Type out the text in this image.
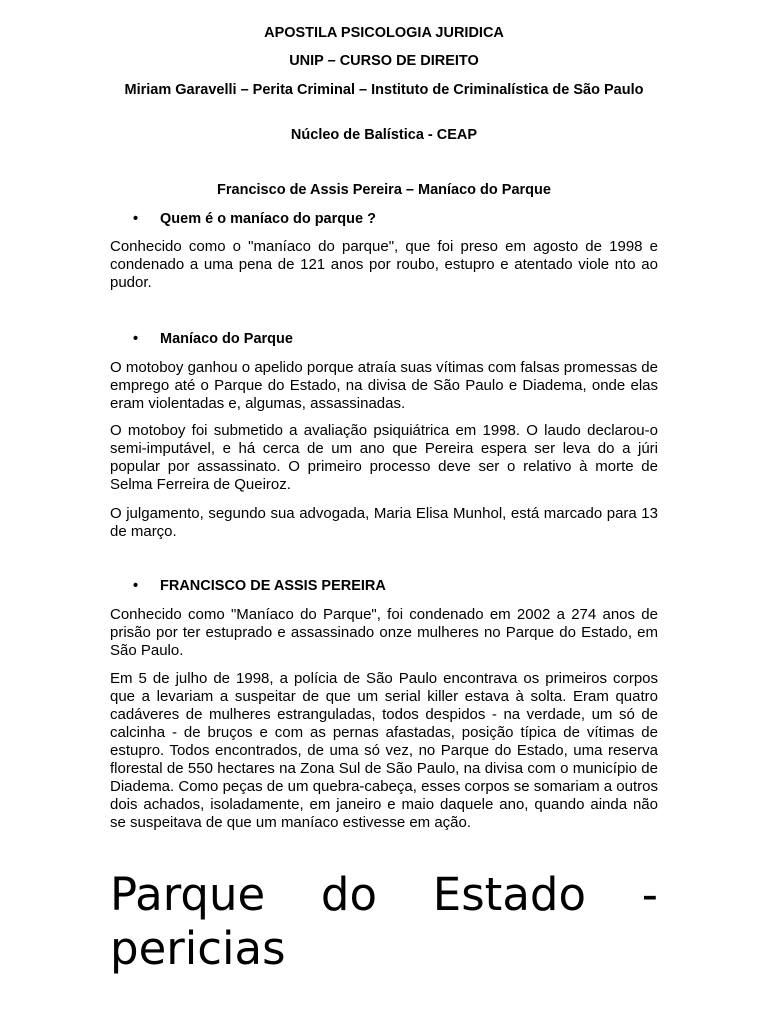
APOSTILA PSICOLOGIA JURIDICA
UNIP – CURSO DE DIREITO
Miriam Garavelli – Perita Criminal – Instituto de Criminalística de São Paulo
Núcleo de Balística - CEAP
Francisco de Assis Pereira – Maníaco do Parque
• Quem é o maníaco do parque ?

Conhecido como o "maníaco do parque", que foi preso em agosto de 1998 e condenado a uma pena de 121 anos por roubo, estupro e atentado viole nto ao pudor.

• Maníaco do Parque

O motoboy ganhou o apelido porque atraía suas vítimas com falsas promessas de emprego até o Parque do Estado, na divisa de São Paulo e Diadema, onde elas eram violentadas e, algumas, assassinadas.

O motoboy foi submetido a avaliação psiquiátrica em 1998. O laudo declarou-o semi-imputável, e há cerca de um ano que Pereira espera ser leva do a júri popular por assassinato. O primeiro processo deve ser o relativo à morte de Selma Ferreira de Queiroz.

O julgamento, segundo sua advogada, Maria Elisa Munhol, está marcado para 13 de março.

• FRANCISCO DE ASSIS PEREIRA

Conhecido como "Maníaco do Parque", foi condenado em 2002 a 274 anos de prisão por ter estuprado e assassinado onze mulheres no Parque do Estado, em São Paulo.

Em 5 de julho de 1998, a polícia de São Paulo encontrava os primeiros corpos que a levariam a suspeitar de que um serial killer estava à solta. Eram quatro cadáveres de mulheres estranguladas, todos despidos - na verdade, um só de calcinha - de bruços e com as pernas afastadas, posição típica de vítimas de estupro. Todos encontrados, de uma só vez, no Parque do Estado, uma reserva florestal de 550 hectares na Zona Sul de São Paulo, na divisa com o município de Diadema. Como peças de um quebra-cabeça, esses corpos se somariam a outros dois achados, isoladamente, em janeiro e maio daquele ano, quando ainda não se suspeitava de que um maníaco estivesse em ação.

Parque do Estado - pericias
